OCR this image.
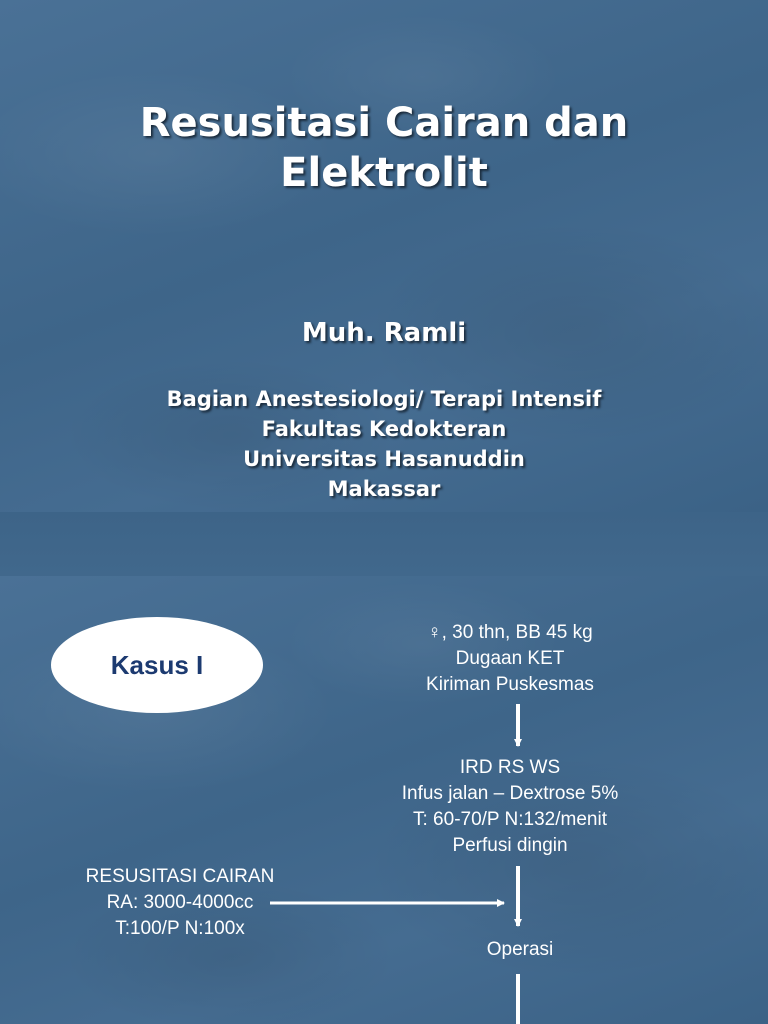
Resusitasi Cairan dan
Elektrolit
Muh. Ramli
Bagian Anestesiologi/ Terapi Intensif
Fakultas Kedokteran
Universitas Hasanuddin
Makassar
Kasus I
♀, 30 thn, BB 45 kg
Dugaan KET
Kiriman Puskesmas
IRD RS WS
Infus jalan – Dextrose 5%
T: 60-70/P N:132/menit
Perfusi dingin
Operasi
RESUSITASI CAIRAN
RA: 3000-4000cc
T:100/P N:100x
